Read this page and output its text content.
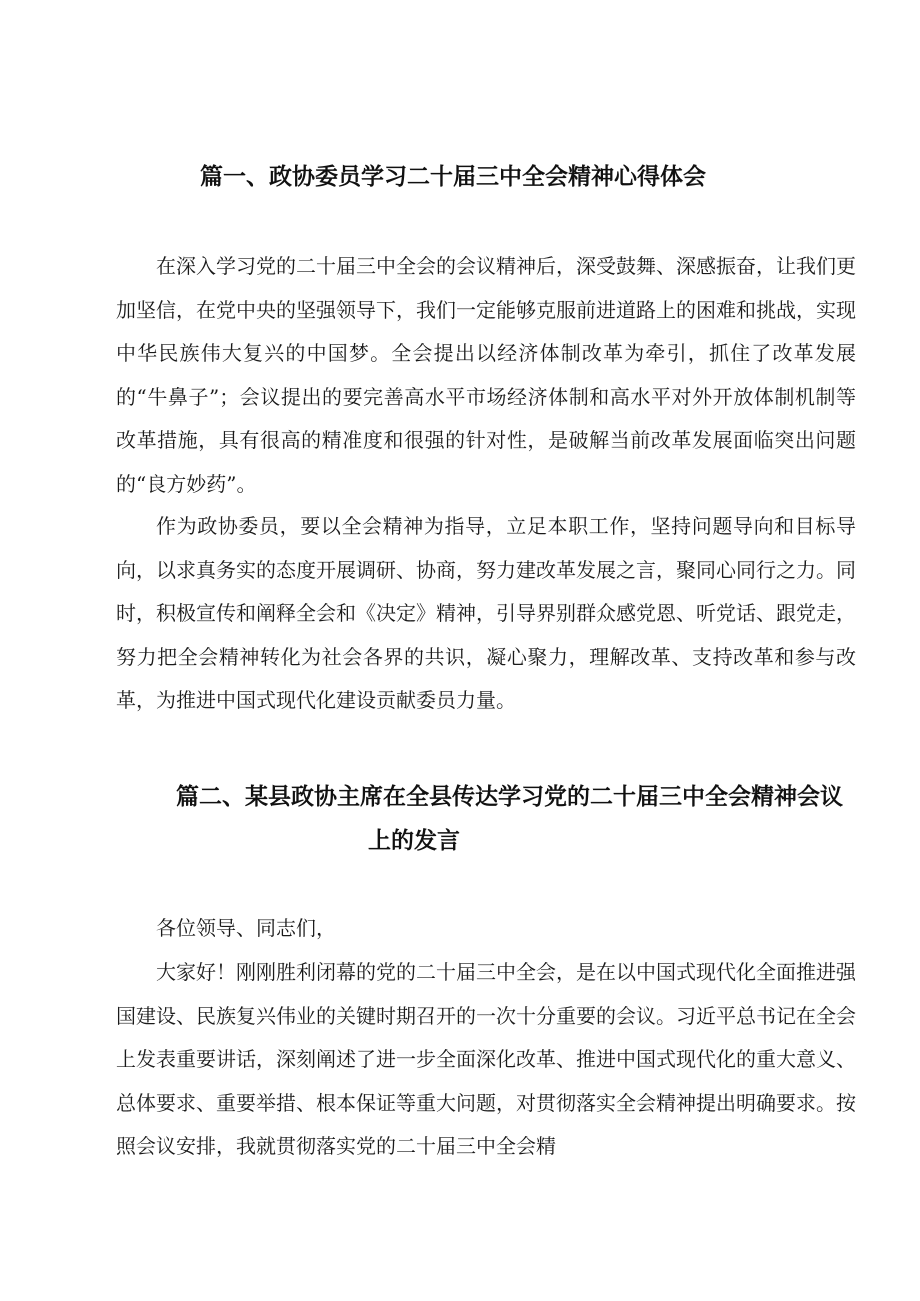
篇一、政协委员学习二十届三中全会精神心得体会

在深入学习党的二十届三中全会的会议精神后，深受鼓舞、深感振奋，让我们更加坚信，在党中央的坚强领导下，我们一定能够克服前进道路上的困难和挑战，实现中华民族伟大复兴的中国梦。全会提出以经济体制改革为牵引，抓住了改革发展的“牛鼻子”；会议提出的要完善高水平市场经济体制和高水平对外开放体制机制等改革措施，具有很高的精准度和很强的针对性，是破解当前改革发展面临突出问题的“良方妙药”。

作为政协委员，要以全会精神为指导，立足本职工作，坚持问题导向和目标导向，以求真务实的态度开展调研、协商，努力建改革发展之言，聚同心同行之力。同时，积极宣传和阐释全会和《决定》精神，引导界别群众感党恩、听党话、跟党走，努力把全会精神转化为社会各界的共识，凝心聚力，理解改革、支持改革和参与改革，为推进中国式现代化建设贡献委员力量。

篇二、某县政协主席在全县传达学习党的二十届三中全会精神会议
上的发言

各位领导、同志们，

大家好！刚刚胜利闭幕的党的二十届三中全会，是在以中国式现代化全面推进强国建设、民族复兴伟业的关键时期召开的一次十分重要的会议。习近平总书记在全会上发表重要讲话，深刻阐述了进一步全面深化改革、推进中国式现代化的重大意义、总体要求、重要举措、根本保证等重大问题，对贯彻落实全会精神提出明确要求。按照会议安排，我就贯彻落实党的二十届三中全会精
